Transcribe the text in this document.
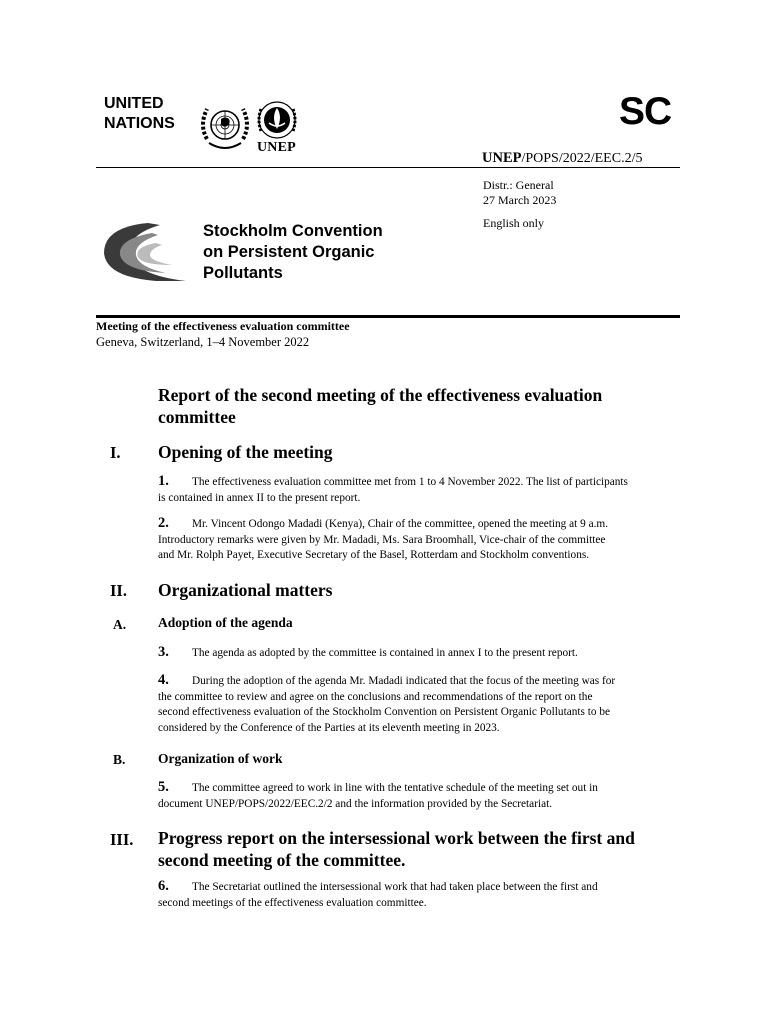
UNITED
NATIONS
UNEP
SC
UNEP/POPS/2022/EEC.2/5
Distr.: General
27 March 2023
English only
Stockholm Convention
on Persistent Organic
Pollutants
Meeting of the effectiveness evaluation committee
Geneva, Switzerland, 1–4 November 2022
Report of the second meeting of the effectiveness evaluation
committee
I. Opening of the meeting
1. The effectiveness evaluation committee met from 1 to 4 November 2022. The list of participants
is contained in annex II to the present report.
2. Mr. Vincent Odongo Madadi (Kenya), Chair of the committee, opened the meeting at 9 a.m.
Introductory remarks were given by Mr. Madadi, Ms. Sara Broomhall, Vice-chair of the committee
and Mr. Rolph Payet, Executive Secretary of the Basel, Rotterdam and Stockholm conventions.
II. Organizational matters
A. Adoption of the agenda
3. The agenda as adopted by the committee is contained in annex I to the present report.
4. During the adoption of the agenda Mr. Madadi indicated that the focus of the meeting was for
the committee to review and agree on the conclusions and recommendations of the report on the
second effectiveness evaluation of the Stockholm Convention on Persistent Organic Pollutants to be
considered by the Conference of the Parties at its eleventh meeting in 2023.
B. Organization of work
5. The committee agreed to work in line with the tentative schedule of the meeting set out in
document UNEP/POPS/2022/EEC.2/2 and the information provided by the Secretariat.
III. Progress report on the intersessional work between the first and
second meeting of the committee.
6. The Secretariat outlined the intersessional work that had taken place between the first and
second meetings of the effectiveness evaluation committee.
